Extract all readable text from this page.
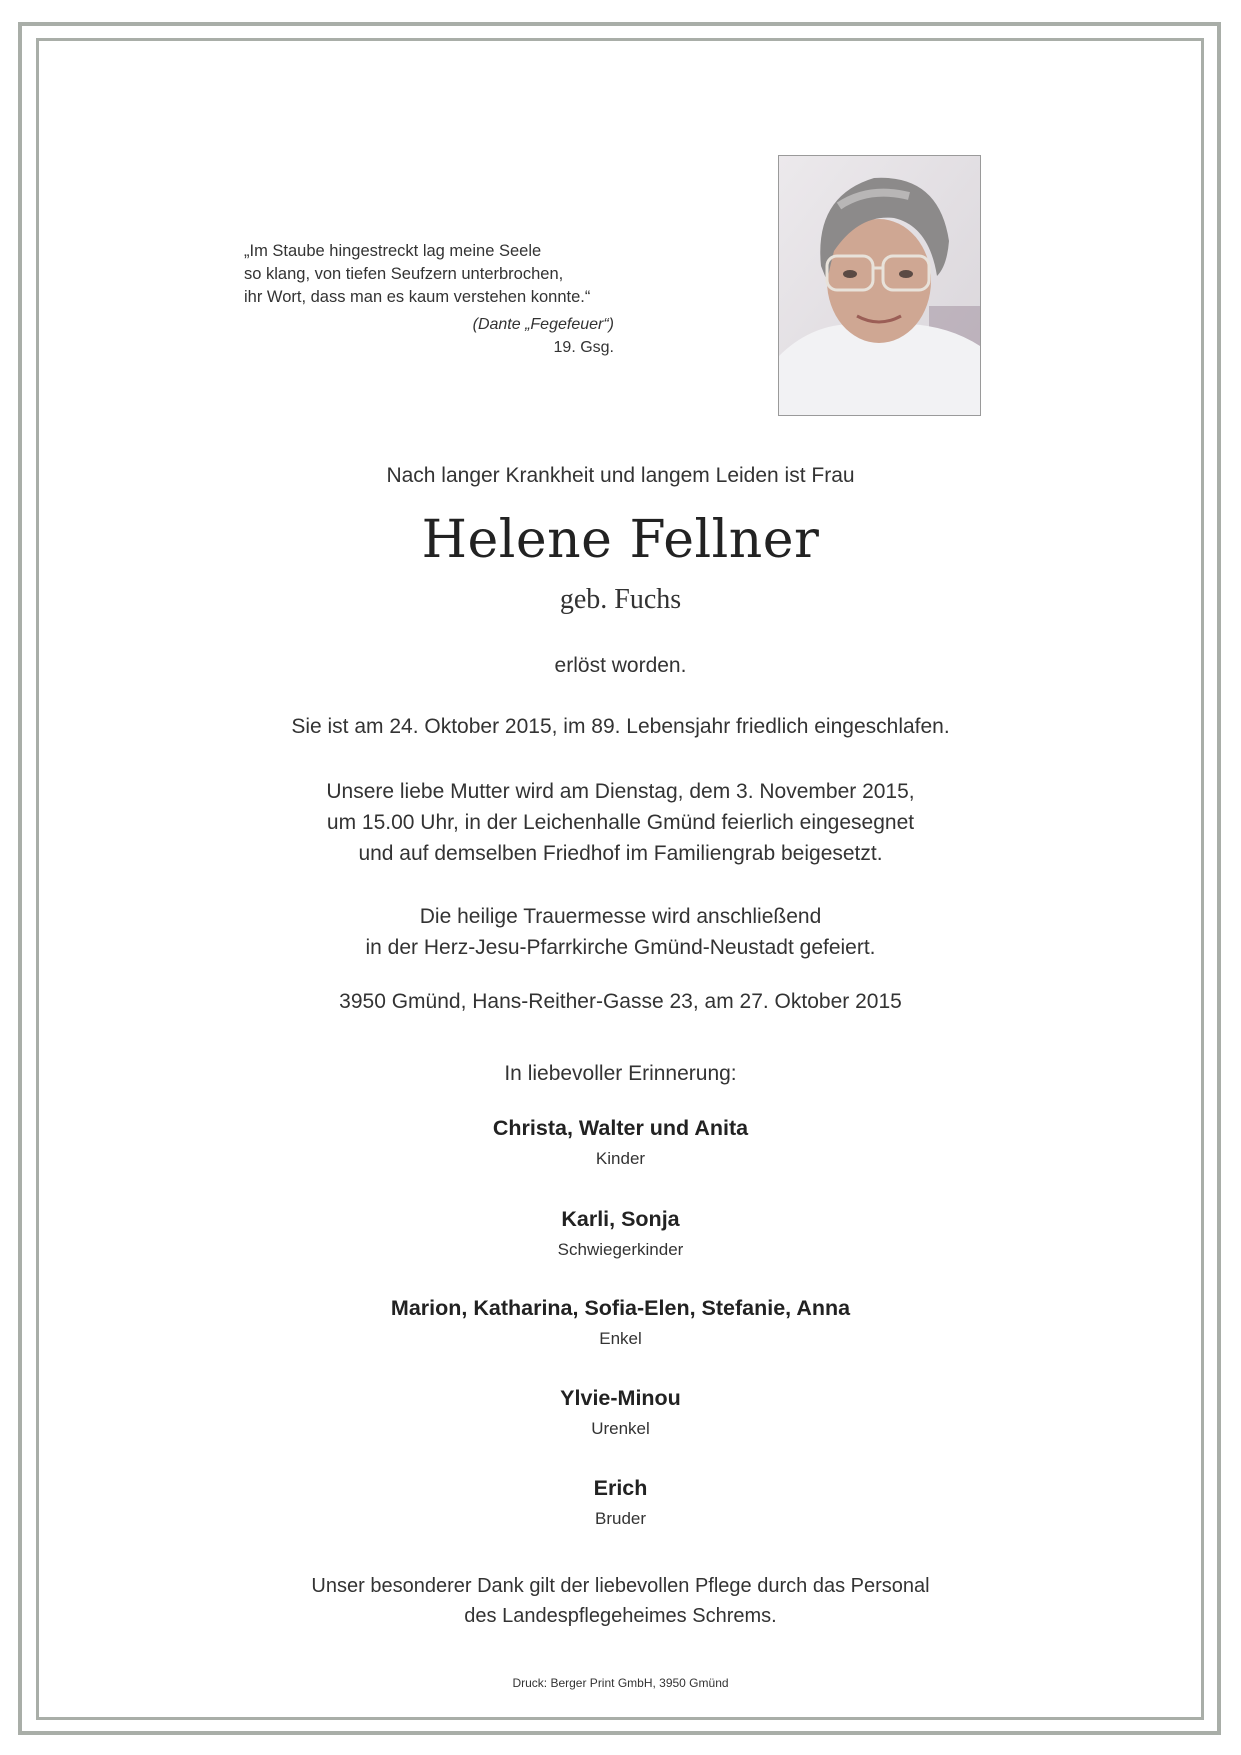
„Im Staube hingestreckt lag meine Seele
so klang, von tiefen Seufzern unterbrochen,
ihr Wort, dass man es kaum verstehen konnte.“
(Dante „Fegefeuer“)
19. Gsg.
Nach langer Krankheit und langem Leiden ist Frau
Helene Fellner
geb. Fuchs
erlöst worden.
Sie ist am 24. Oktober 2015, im 89. Lebensjahr friedlich eingeschlafen.
Unsere liebe Mutter wird am Dienstag, dem 3. November 2015,
um 15.00 Uhr, in der Leichenhalle Gmünd feierlich eingesegnet
und auf demselben Friedhof im Familiengrab beigesetzt.
Die heilige Trauermesse wird anschließend
in der Herz-Jesu-Pfarrkirche Gmünd-Neustadt gefeiert.
3950 Gmünd, Hans-Reither-Gasse 23, am 27. Oktober 2015
In liebevoller Erinnerung:
Christa, Walter und Anita
Kinder
Karli, Sonja
Schwiegerkinder
Marion, Katharina, Sofia-Elen, Stefanie, Anna
Enkel
Ylvie-Minou
Urenkel
Erich
Bruder
Unser besonderer Dank gilt der liebevollen Pflege durch das Personal
des Landespflegeheimes Schrems.
Druck: Berger Print GmbH, 3950 Gmünd
